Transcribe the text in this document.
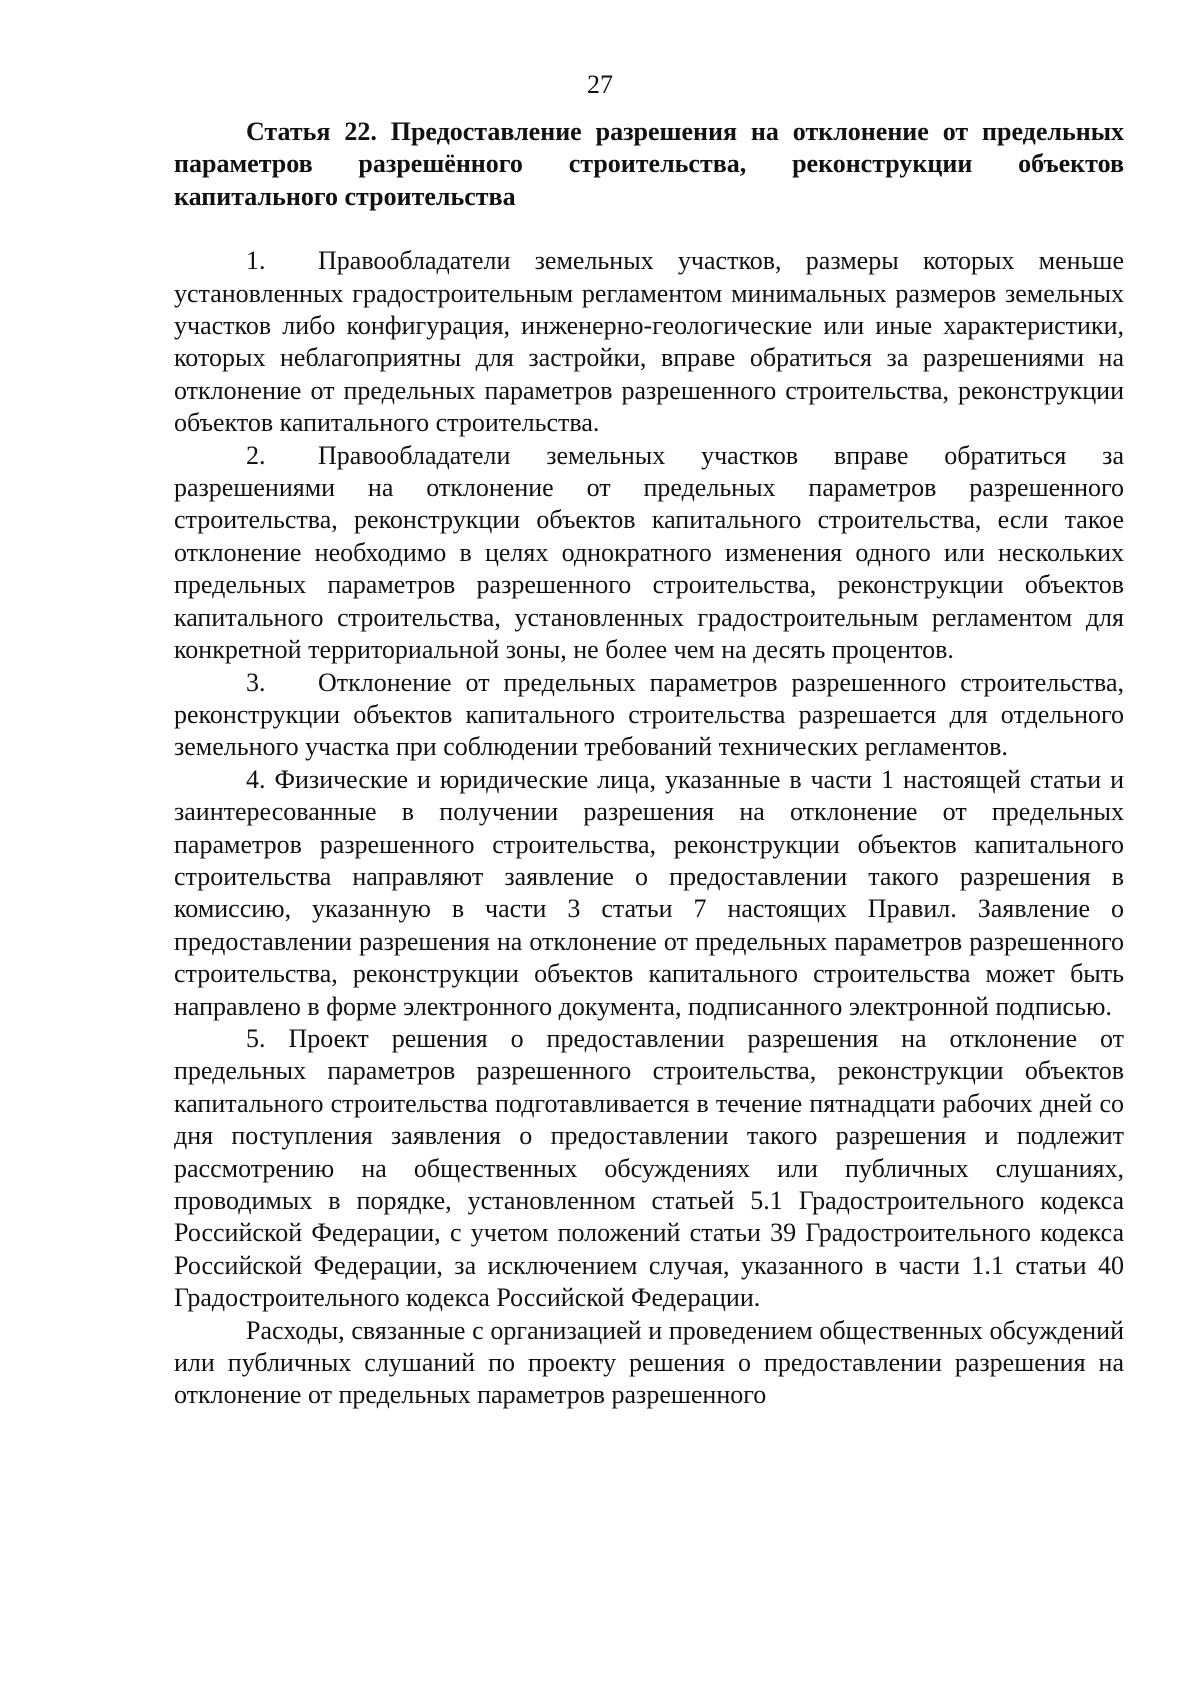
27

Статья 22. Предоставление разрешения на отклонение от предельных параметров разрешённого строительства, реконструкции объектов капитального строительства

1. Правообладатели земельных участков, размеры которых меньше установленных градостроительным регламентом минимальных размеров земельных участков либо конфигурация, инженерно-геологические или иные характеристики, которых неблагоприятны для застройки, вправе обратиться за разрешениями на отклонение от предельных параметров разрешенного строительства, реконструкции объектов капитального строительства.

2. Правообладатели земельных участков вправе обратиться за разрешениями на отклонение от предельных параметров разрешенного строительства, реконструкции объектов капитального строительства, если такое отклонение необходимо в целях однократного изменения одного или нескольких предельных параметров разрешенного строительства, реконструкции объектов капитального строительства, установленных градостроительным регламентом для конкретной территориальной зоны, не более чем на десять процентов.

3. Отклонение от предельных параметров разрешенного строительства, реконструкции объектов капитального строительства разрешается для отдельного земельного участка при соблюдении требований технических регламентов.

4. Физические и юридические лица, указанные в части 1 настоящей статьи и заинтересованные в получении разрешения на отклонение от предельных параметров разрешенного строительства, реконструкции объектов капитального строительства направляют заявление о предоставлении такого разрешения в комиссию, указанную в части 3 статьи 7 настоящих Правил. Заявление о предоставлении разрешения на отклонение от предельных параметров разрешенного строительства, реконструкции объектов капитального строительства может быть направлено в форме электронного документа, подписанного электронной подписью.

5. Проект решения о предоставлении разрешения на отклонение от предельных параметров разрешенного строительства, реконструкции объектов капитального строительства подготавливается в течение пятнадцати рабочих дней со дня поступления заявления о предоставлении такого разрешения и подлежит рассмотрению на общественных обсуждениях или публичных слушаниях, проводимых в порядке, установленном статьей 5.1 Градостроительного кодекса Российской Федерации, с учетом положений статьи 39 Градостроительного кодекса Российской Федерации, за исключением случая, указанного в части 1.1 статьи 40 Градостроительного кодекса Российской Федерации.

Расходы, связанные с организацией и проведением общественных обсуждений или публичных слушаний по проекту решения о предоставлении разрешения на отклонение от предельных параметров разрешенного
